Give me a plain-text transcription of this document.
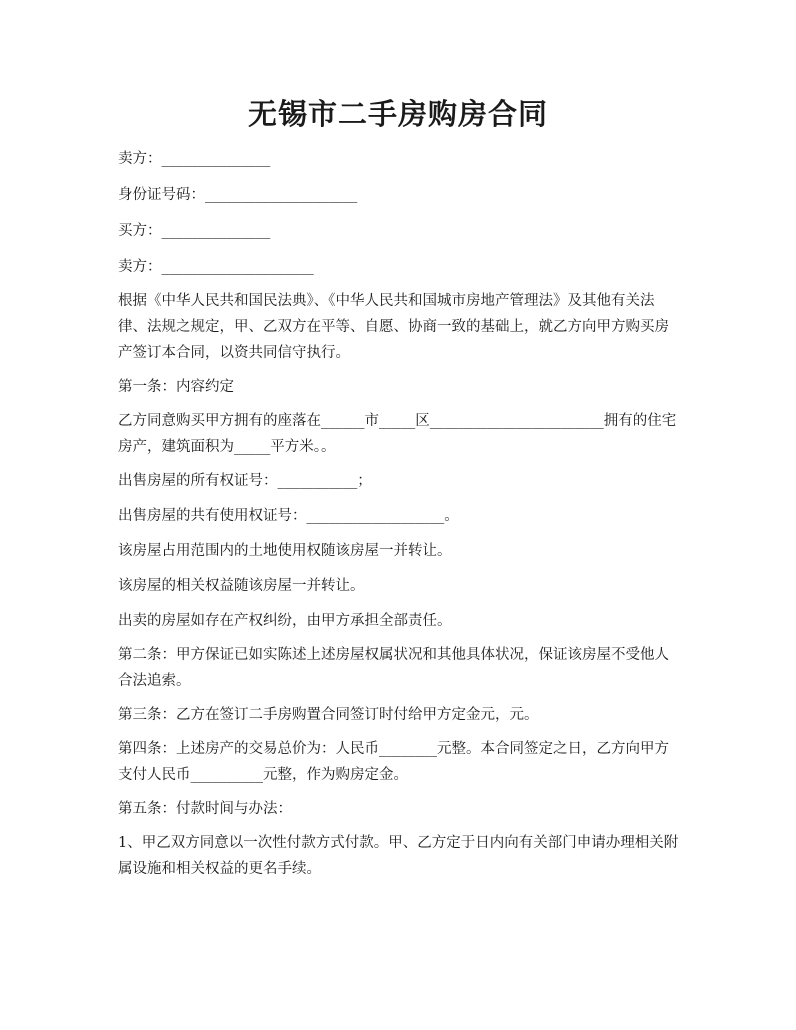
无锡市二手房购房合同

卖方：_______________

身份证号码：_____________________

买方：_______________

卖方：_____________________

根据《中华人民共和国民法典》、《中华人民共和国城市房地产管理法》及其他有关法律、法规之规定，甲、乙双方在平等、自愿、协商一致的基础上，就乙方向甲方购买房产签订本合同，以资共同信守执行。

第一条：内容约定

乙方同意购买甲方拥有的座落在______市_____区________________________拥有的住宅房产，建筑面积为_____平方米。。

出售房屋的所有权证号：___________；

出售房屋的共有使用权证号：___________________。

该房屋占用范围内的土地使用权随该房屋一并转让。

该房屋的相关权益随该房屋一并转让。

出卖的房屋如存在产权纠纷，由甲方承担全部责任。

第二条：甲方保证已如实陈述上述房屋权属状况和其他具体状况，保证该房屋不受他人合法追索。

第三条：乙方在签订二手房购置合同签订时付给甲方定金元，元。

第四条：上述房产的交易总价为：人民币________元整。本合同签定之日，乙方向甲方支付人民币__________元整，作为购房定金。

第五条：付款时间与办法：

1、甲乙双方同意以一次性付款方式付款。甲、乙方定于日内向有关部门申请办理相关附属设施和相关权益的更名手续。
